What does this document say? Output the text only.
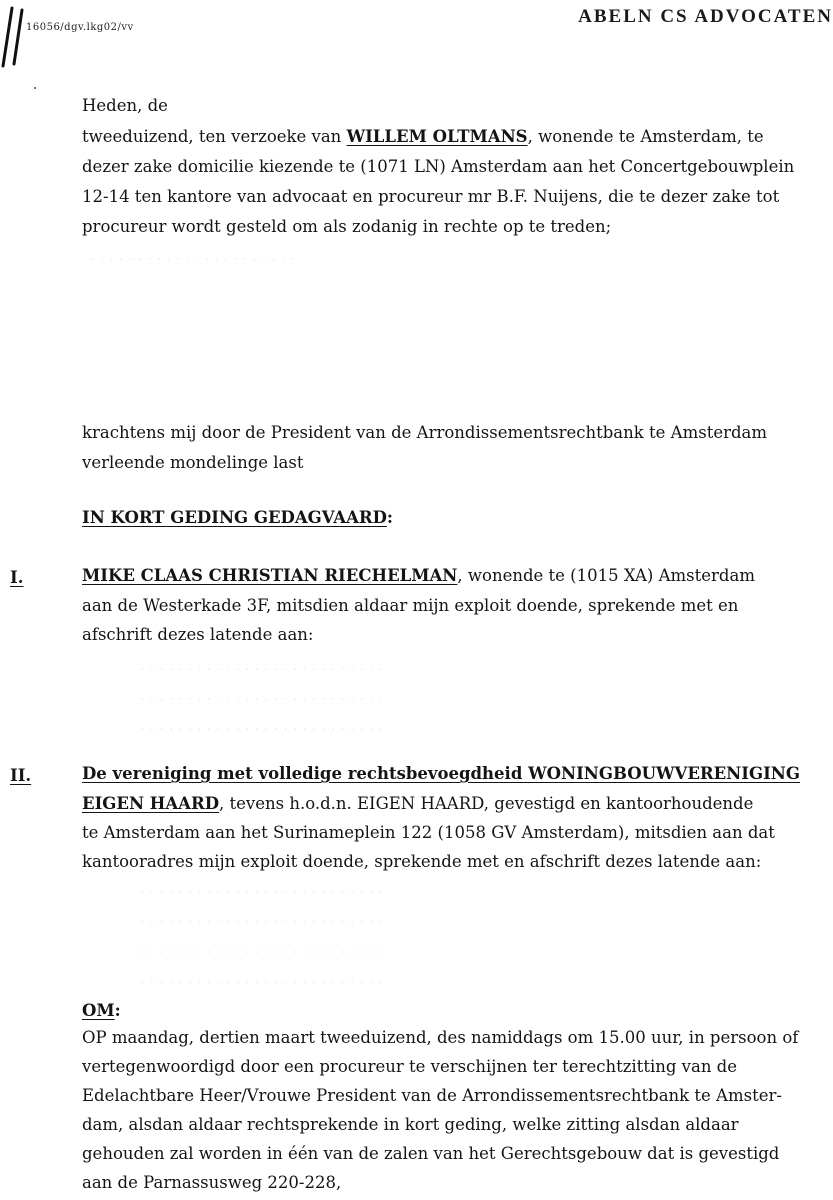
16056/dgv.lkg02/vv
ABELN CS ADVOCATEN
Heden, de
tweeduizend, ten verzoeke van WILLEM OLTMANS, wonende te Amsterdam, te
dezer zake domicilie kiezende te (1071 LN) Amsterdam aan het Concertgebouwplein
12-14 ten kantore van advocaat en procureur mr B.F. Nuijens, die te dezer zake tot
procureur wordt gesteld om als zodanig in rechte op te treden;
· · · · · · · · · · · · · · · · · · · · · ·
krachtens mij door de President van de Arrondissementsrechtbank te Amsterdam
verleende mondelinge last
IN KORT GEDING GEDAGVAARD:
I.	MIKE CLAAS CHRISTIAN RIECHELMAN, wonende te (1015 XA) Amsterdam
aan de Westerkade 3F, mitsdien aldaar mijn exploit doende, sprekende met en
afschrift dezes latende aan:
· · · · · · · · · · · · · · · · · · · · · · · · · ·
· · · · · · · · · · · · · · · · · · · · · · · · · ·
· · · · · · · · · · · · · · · · · · · · · · · · · ·
II.	De vereniging met volledige rechtsbevoegdheid WONINGBOUWVERENIGING
EIGEN HAARD, tevens h.o.d.n. EIGEN HAARD, gevestigd en kantoorhoudende
te Amsterdam aan het Surinameplein 122 (1058 GV Amsterdam), mitsdien aan dat
kantooradres mijn exploit doende, sprekende met en afschrift dezes latende aan:
· · · · · · · · · · · · · · · · · · · · · · · · · ·
· · · · · · · · · · · · · · · · · · · · · · · · · ·
· · · · · · · · · · · · · · · · · · · · · · · · · ·
· · · · · · · · · · · · · · · · · · · · · · · · · ·
OM:
OP maandag, dertien maart tweeduizend, des namiddags om 15.00 uur, in persoon of
vertegenwoordigd door een procureur te verschijnen ter terechtzitting van de
Edelachtbare Heer/Vrouwe President van de Arrondissementsrechtbank te Amster-
dam, alsdan aldaar rechtsprekende in kort geding, welke zitting alsdan aldaar
gehouden zal worden in één van de zalen van het Gerechtsgebouw dat is gevestigd
aan de Parnassusweg 220-228,
